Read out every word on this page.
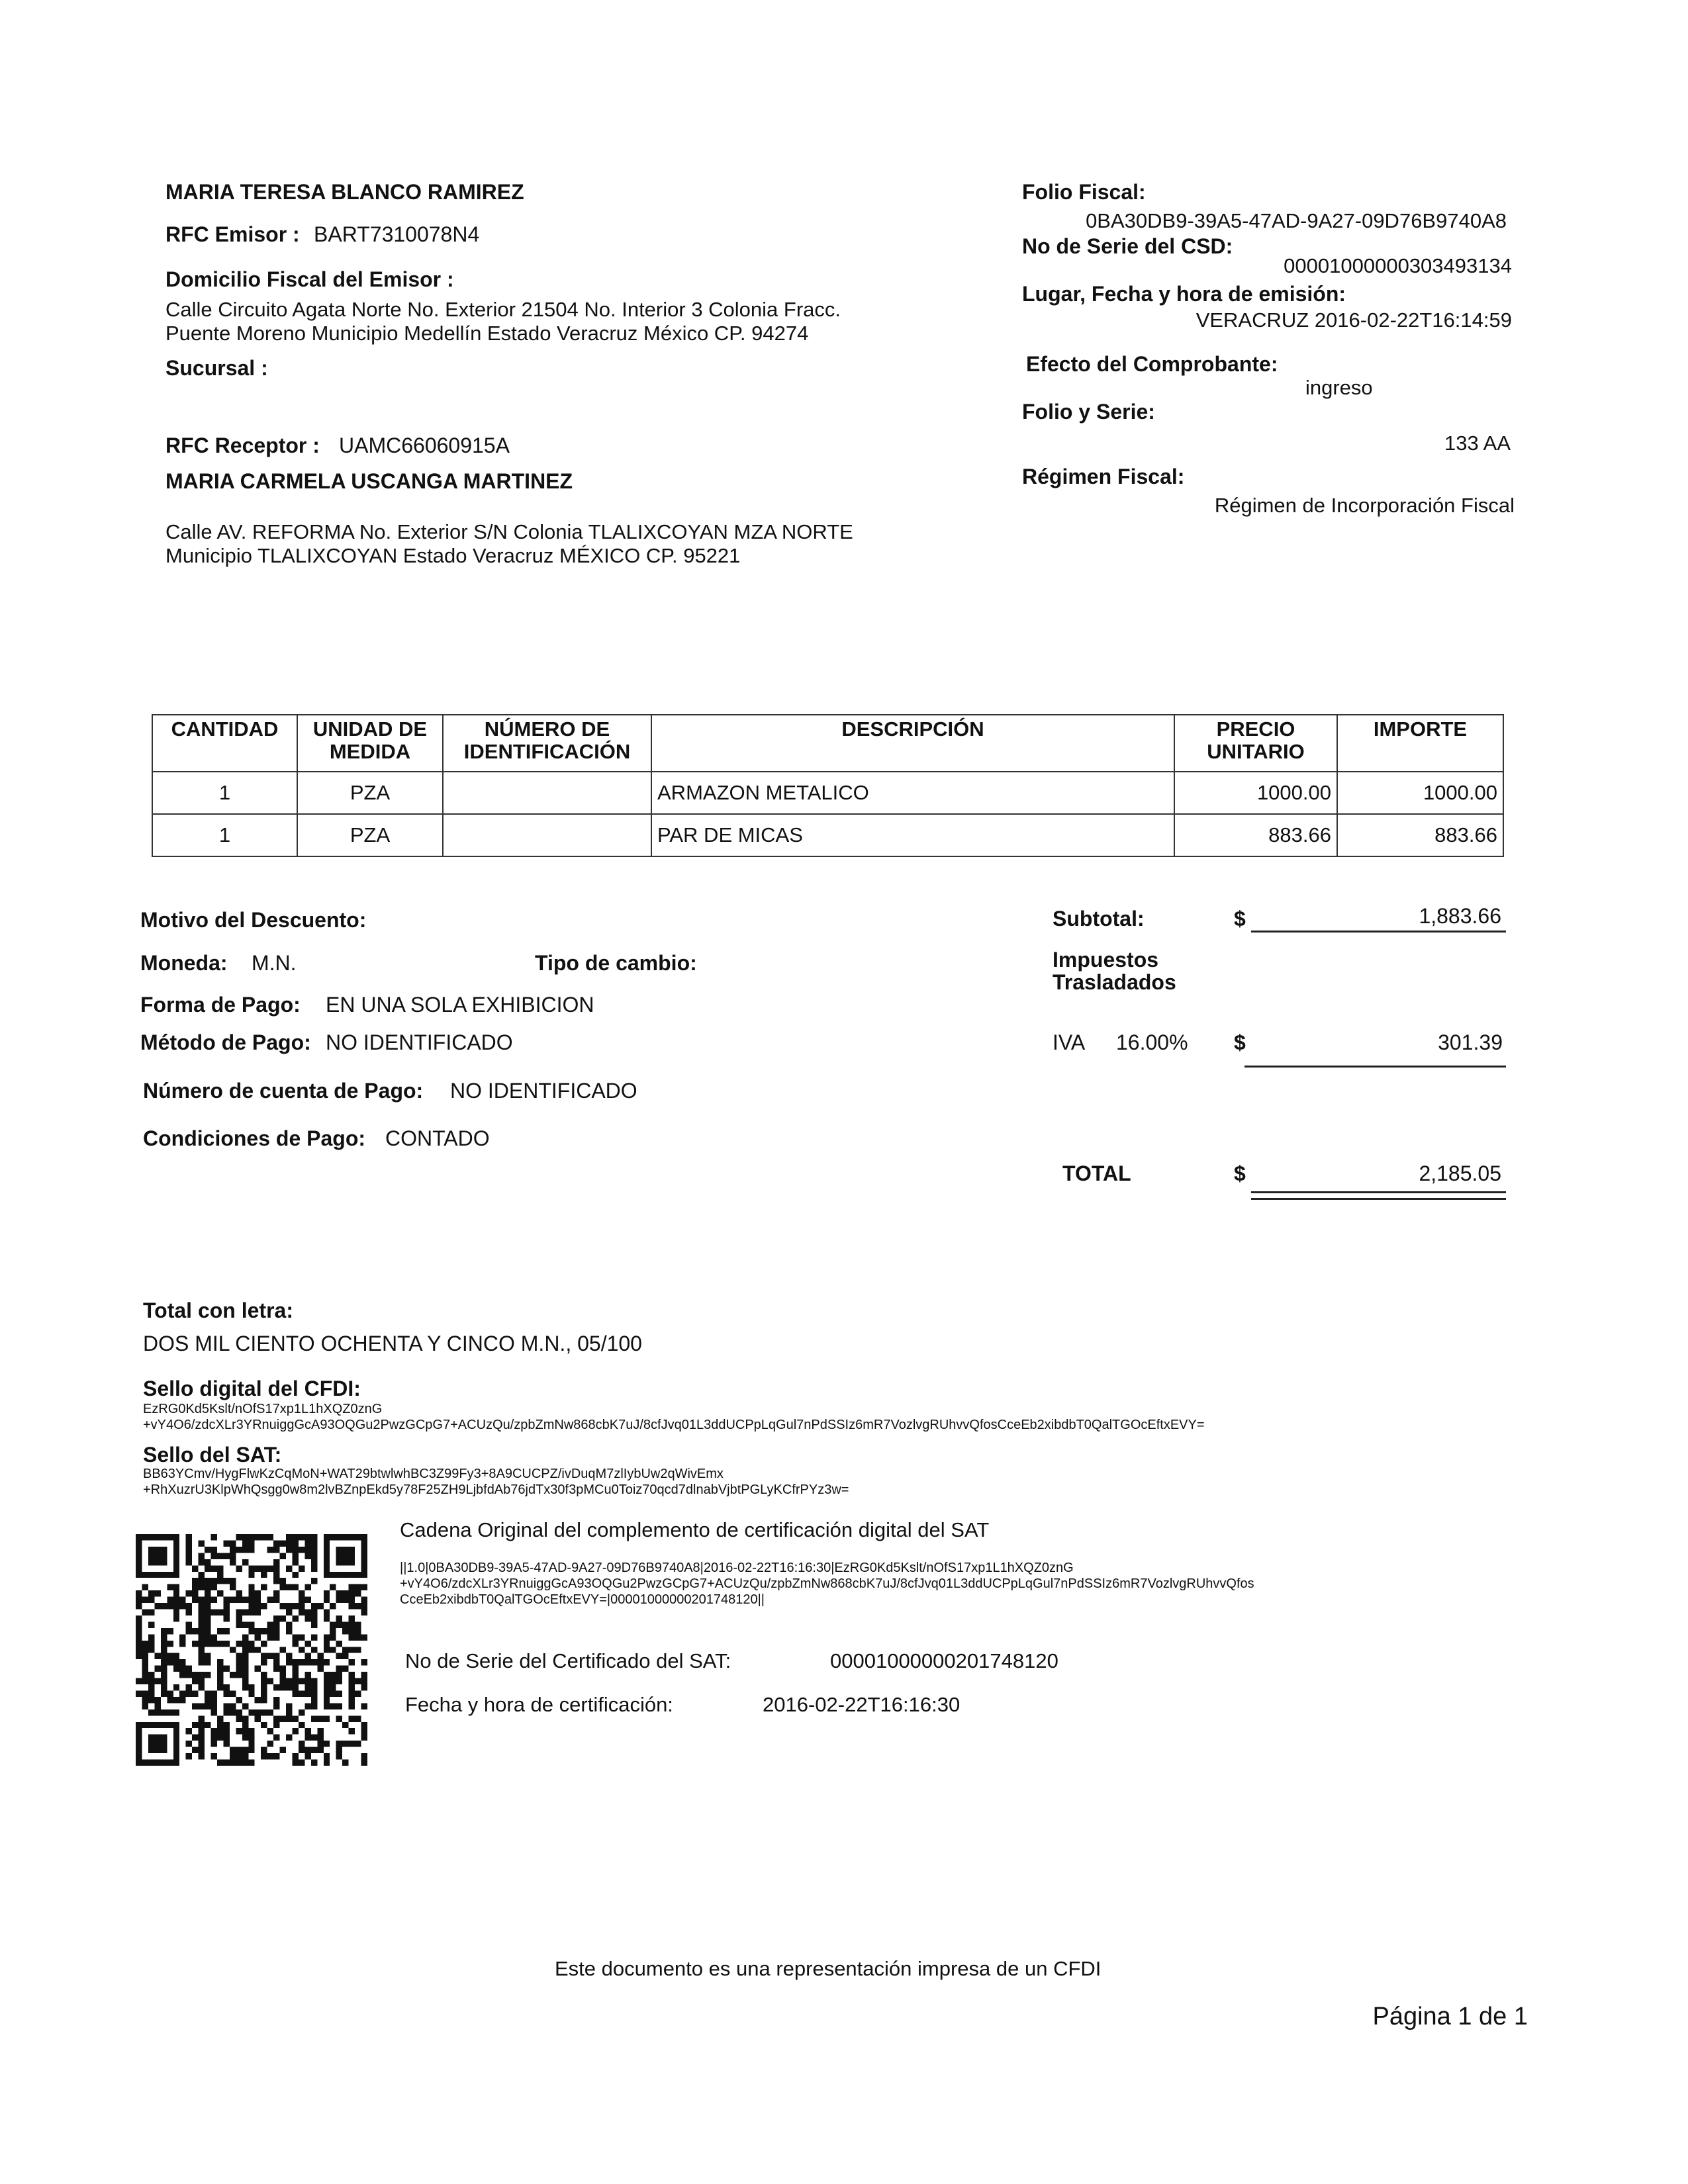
MARIA TERESA BLANCO RAMIREZ
RFC Emisor : BART7310078N4
Domicilio Fiscal del Emisor :
Calle Circuito Agata Norte No. Exterior 21504 No. Interior 3 Colonia Fracc.
Puente Moreno Municipio Medellín Estado Veracruz México CP. 94274
Sucursal :
RFC Receptor : UAMC66060915A
MARIA CARMELA USCANGA MARTINEZ
Calle AV. REFORMA No. Exterior S/N Colonia TLALIXCOYAN MZA NORTE
Municipio TLALIXCOYAN Estado Veracruz MÉXICO CP. 95221
Folio Fiscal:
0BA30DB9-39A5-47AD-9A27-09D76B9740A8
No de Serie del CSD:
00001000000303493134
Lugar, Fecha y hora de emisión:
VERACRUZ 2016-02-22T16:14:59
Efecto del Comprobante:
ingreso
Folio y Serie:
133 AA
Régimen Fiscal:
Régimen de Incorporación Fiscal
CANTIDAD	UNIDAD DE MEDIDA	NÚMERO DE IDENTIFICACIÓN	DESCRIPCIÓN	PRECIO UNITARIO	IMPORTE
1	PZA		ARMAZON METALICO	1000.00	1000.00
1	PZA		PAR DE MICAS	883.66	883.66
Motivo del Descuento:
Moneda: M.N.	Tipo de cambio:
Forma de Pago: EN UNA SOLA EXHIBICION
Método de Pago: NO IDENTIFICADO
Número de cuenta de Pago: NO IDENTIFICADO
Condiciones de Pago: CONTADO
Subtotal:	$	1,883.66
Impuestos
Trasladados
IVA 16.00% $	301.39
TOTAL	$	2,185.05
Total con letra:
DOS MIL CIENTO OCHENTA Y CINCO M.N., 05/100
Sello digital del CFDI:
EzRG0Kd5Kslt/nOfS17xp1L1hXQZ0znG
+vY4O6/zdcXLr3YRnuiggGcA93OQGu2PwzGCpG7+ACUzQu/zpbZmNw868cbK7uJ/8cfJvq01L3ddUCPpLqGul7nPdSSIz6mR7VozlvgRUhvvQfosCceEb2xibdbT0QalTGOcEftxEVY=
Sello del SAT:
BB63YCmv/HygFlwKzCqMoN+WAT29btwlwhBC3Z99Fy3+8A9CUCPZ/ivDuqM7zlIybUw2qWivEmx
+RhXuzrU3KlpWhQsgg0w8m2lvBZnpEkd5y78F25ZH9LjbfdAb76jdTx30f3pMCu0Toiz70qcd7dlnabVjbtPGLyKCfrPYz3w=
Cadena Original del complemento de certificación digital del SAT
||1.0|0BA30DB9-39A5-47AD-9A27-09D76B9740A8|2016-02-22T16:16:30|EzRG0Kd5Kslt/nOfS17xp1L1hXQZ0znG
+vY4O6/zdcXLr3YRnuiggGcA93OQGu2PwzGCpG7+ACUzQu/zpbZmNw868cbK7uJ/8cfJvq01L3ddUCPpLqGul7nPdSSIz6mR7VozlvgRUhvvQfos
CceEb2xibdbT0QalTGOcEftxEVY=|00001000000201748120||
No de Serie del Certificado del SAT:	00001000000201748120
Fecha y hora de certificación:	2016-02-22T16:16:30
Este documento es una representación impresa de un CFDI
Página 1 de 1
